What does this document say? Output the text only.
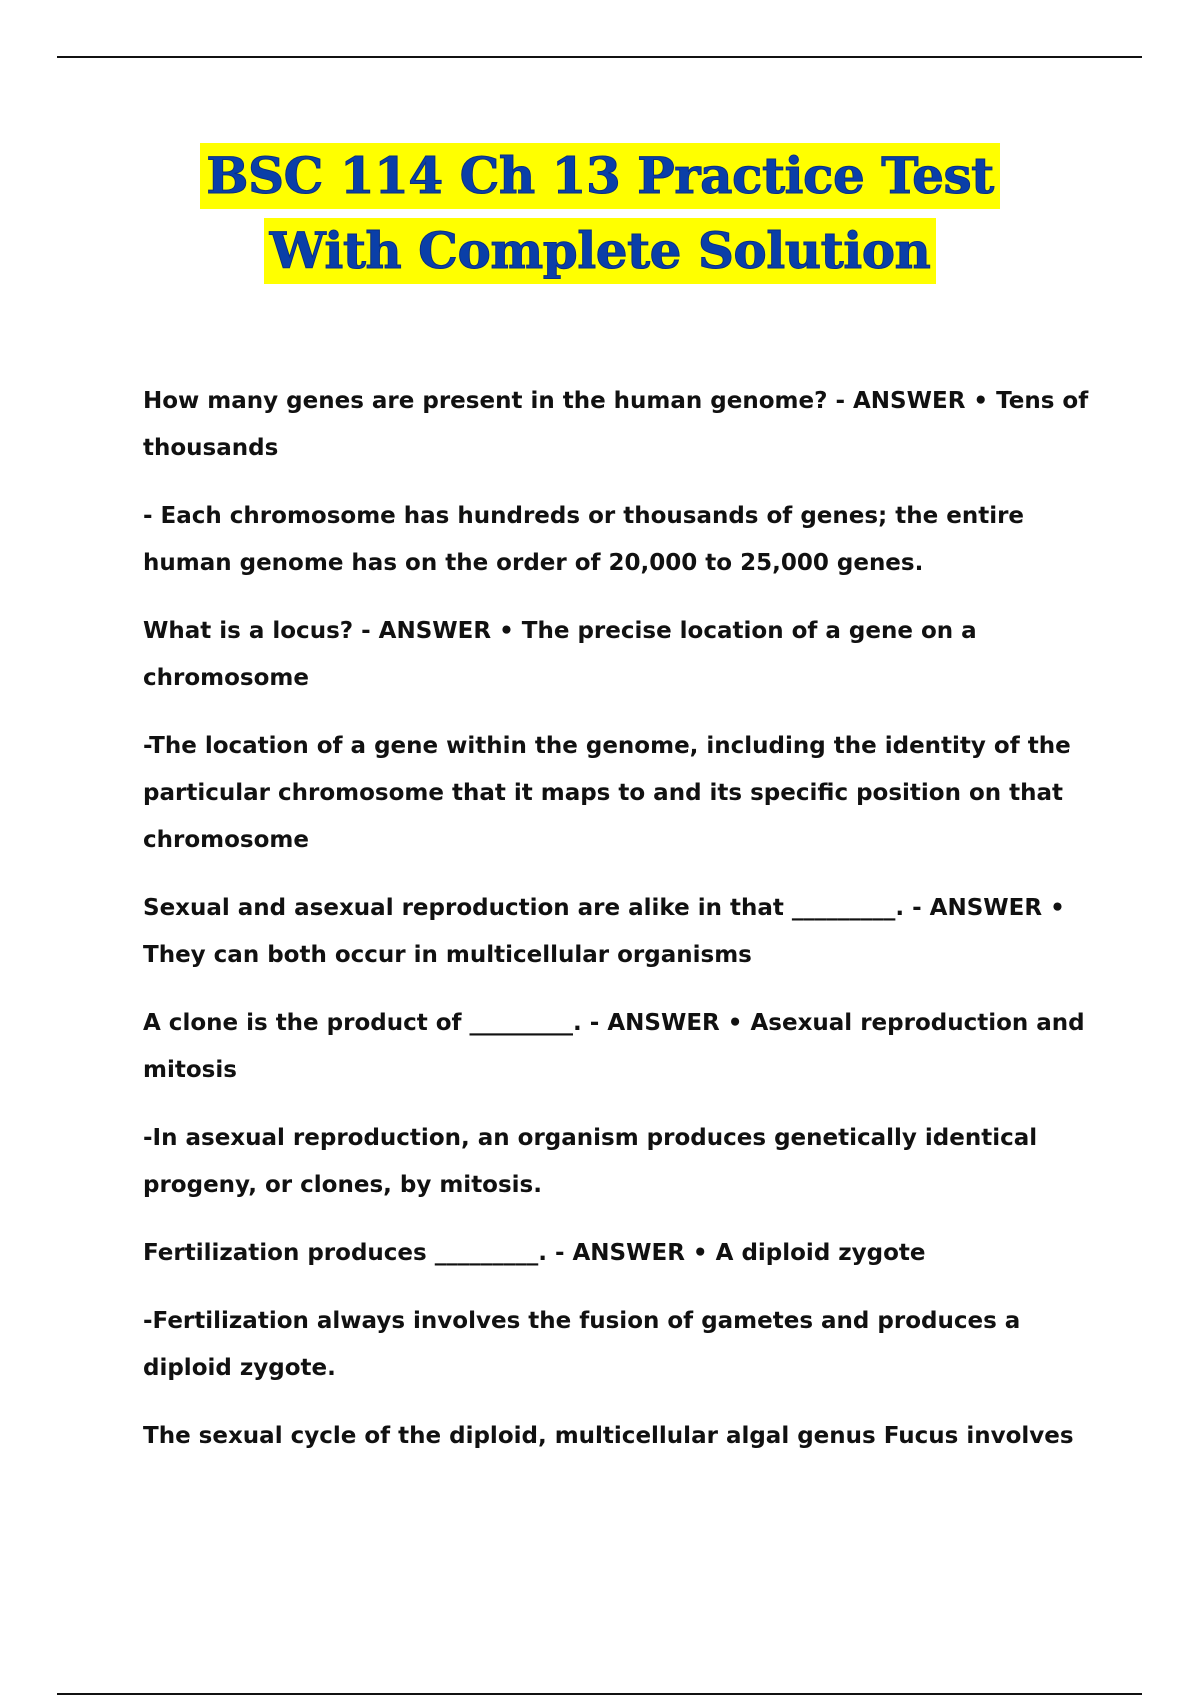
BSC 114 Ch 13 Practice Test
With Complete Solution

How many genes are present in the human genome? - ANSWER • Tens of thousands

- Each chromosome has hundreds or thousands of genes; the entire human genome has on the order of 20,000 to 25,000 genes.

What is a locus? - ANSWER • The precise location of a gene on a chromosome

-The location of a gene within the genome, including the identity of the particular chromosome that it maps to and its specific position on that chromosome

Sexual and asexual reproduction are alike in that _________. - ANSWER • They can both occur in multicellular organisms

A clone is the product of _________. - ANSWER • Asexual reproduction and mitosis

-In asexual reproduction, an organism produces genetically identical progeny, or clones, by mitosis.

Fertilization produces _________. - ANSWER • A diploid zygote

-Fertilization always involves the fusion of gametes and produces a diploid zygote.

The sexual cycle of the diploid, multicellular algal genus Fucus involves
